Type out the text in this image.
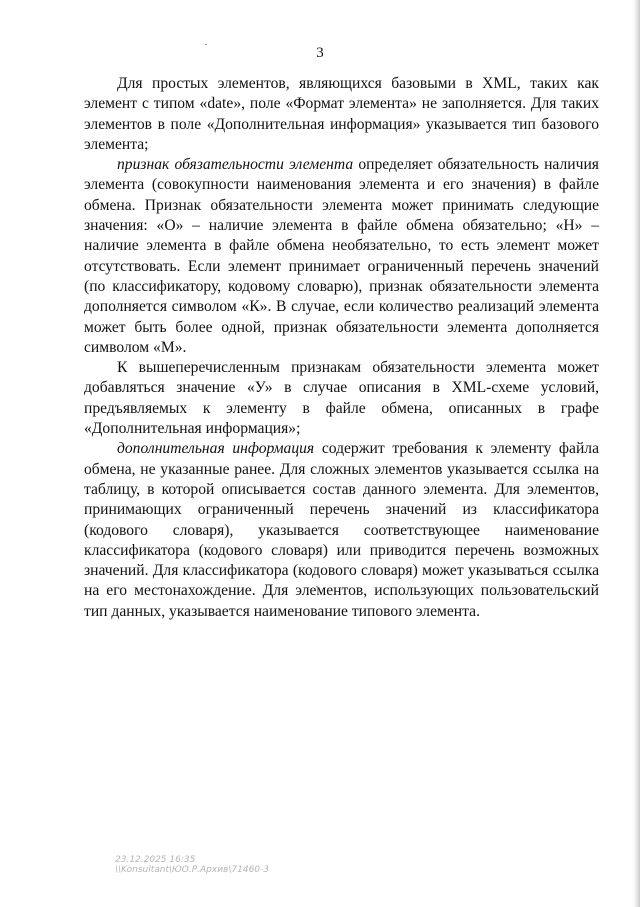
3

Для простых элементов, являющихся базовыми в XML, таких как элемент с типом «date», поле «Формат элемента» не заполняется. Для таких элементов в поле «Дополнительная информация» указывается тип базового элемента;

признак обязательности элемента определяет обязательность наличия элемента (совокупности наименования элемента и его значения) в файле обмена. Признак обязательности элемента может принимать следующие значения: «О» – наличие элемента в файле обмена обязательно; «Н» – наличие элемента в файле обмена необязательно, то есть элемент может отсутствовать. Если элемент принимает ограниченный перечень значений (по классификатору, кодовому словарю), признак обязательности элемента дополняется символом «К». В случае, если количество реализаций элемента может быть более одной, признак обязательности элемента дополняется символом «М».

К вышеперечисленным признакам обязательности элемента может добавляться значение «У» в случае описания в XML-схеме условий, предъявляемых к элементу в файле обмена, описанных в графе «Дополнительная информация»;

дополнительная информация содержит требования к элементу файла обмена, не указанные ранее. Для сложных элементов указывается ссылка на таблицу, в которой описывается состав данного элемента. Для элементов, принимающих ограниченный перечень значений из классификатора (кодового словаря), указывается соответствующее наименование классификатора (кодового словаря) или приводится перечень возможных значений. Для классификатора (кодового словаря) может указываться ссылка на его местонахождение. Для элементов, использующих пользовательский тип данных, указывается наименование типового элемента.

23.12.2025 16:35
\\Konsultant\ЮО.Р.Архив\71460-3
